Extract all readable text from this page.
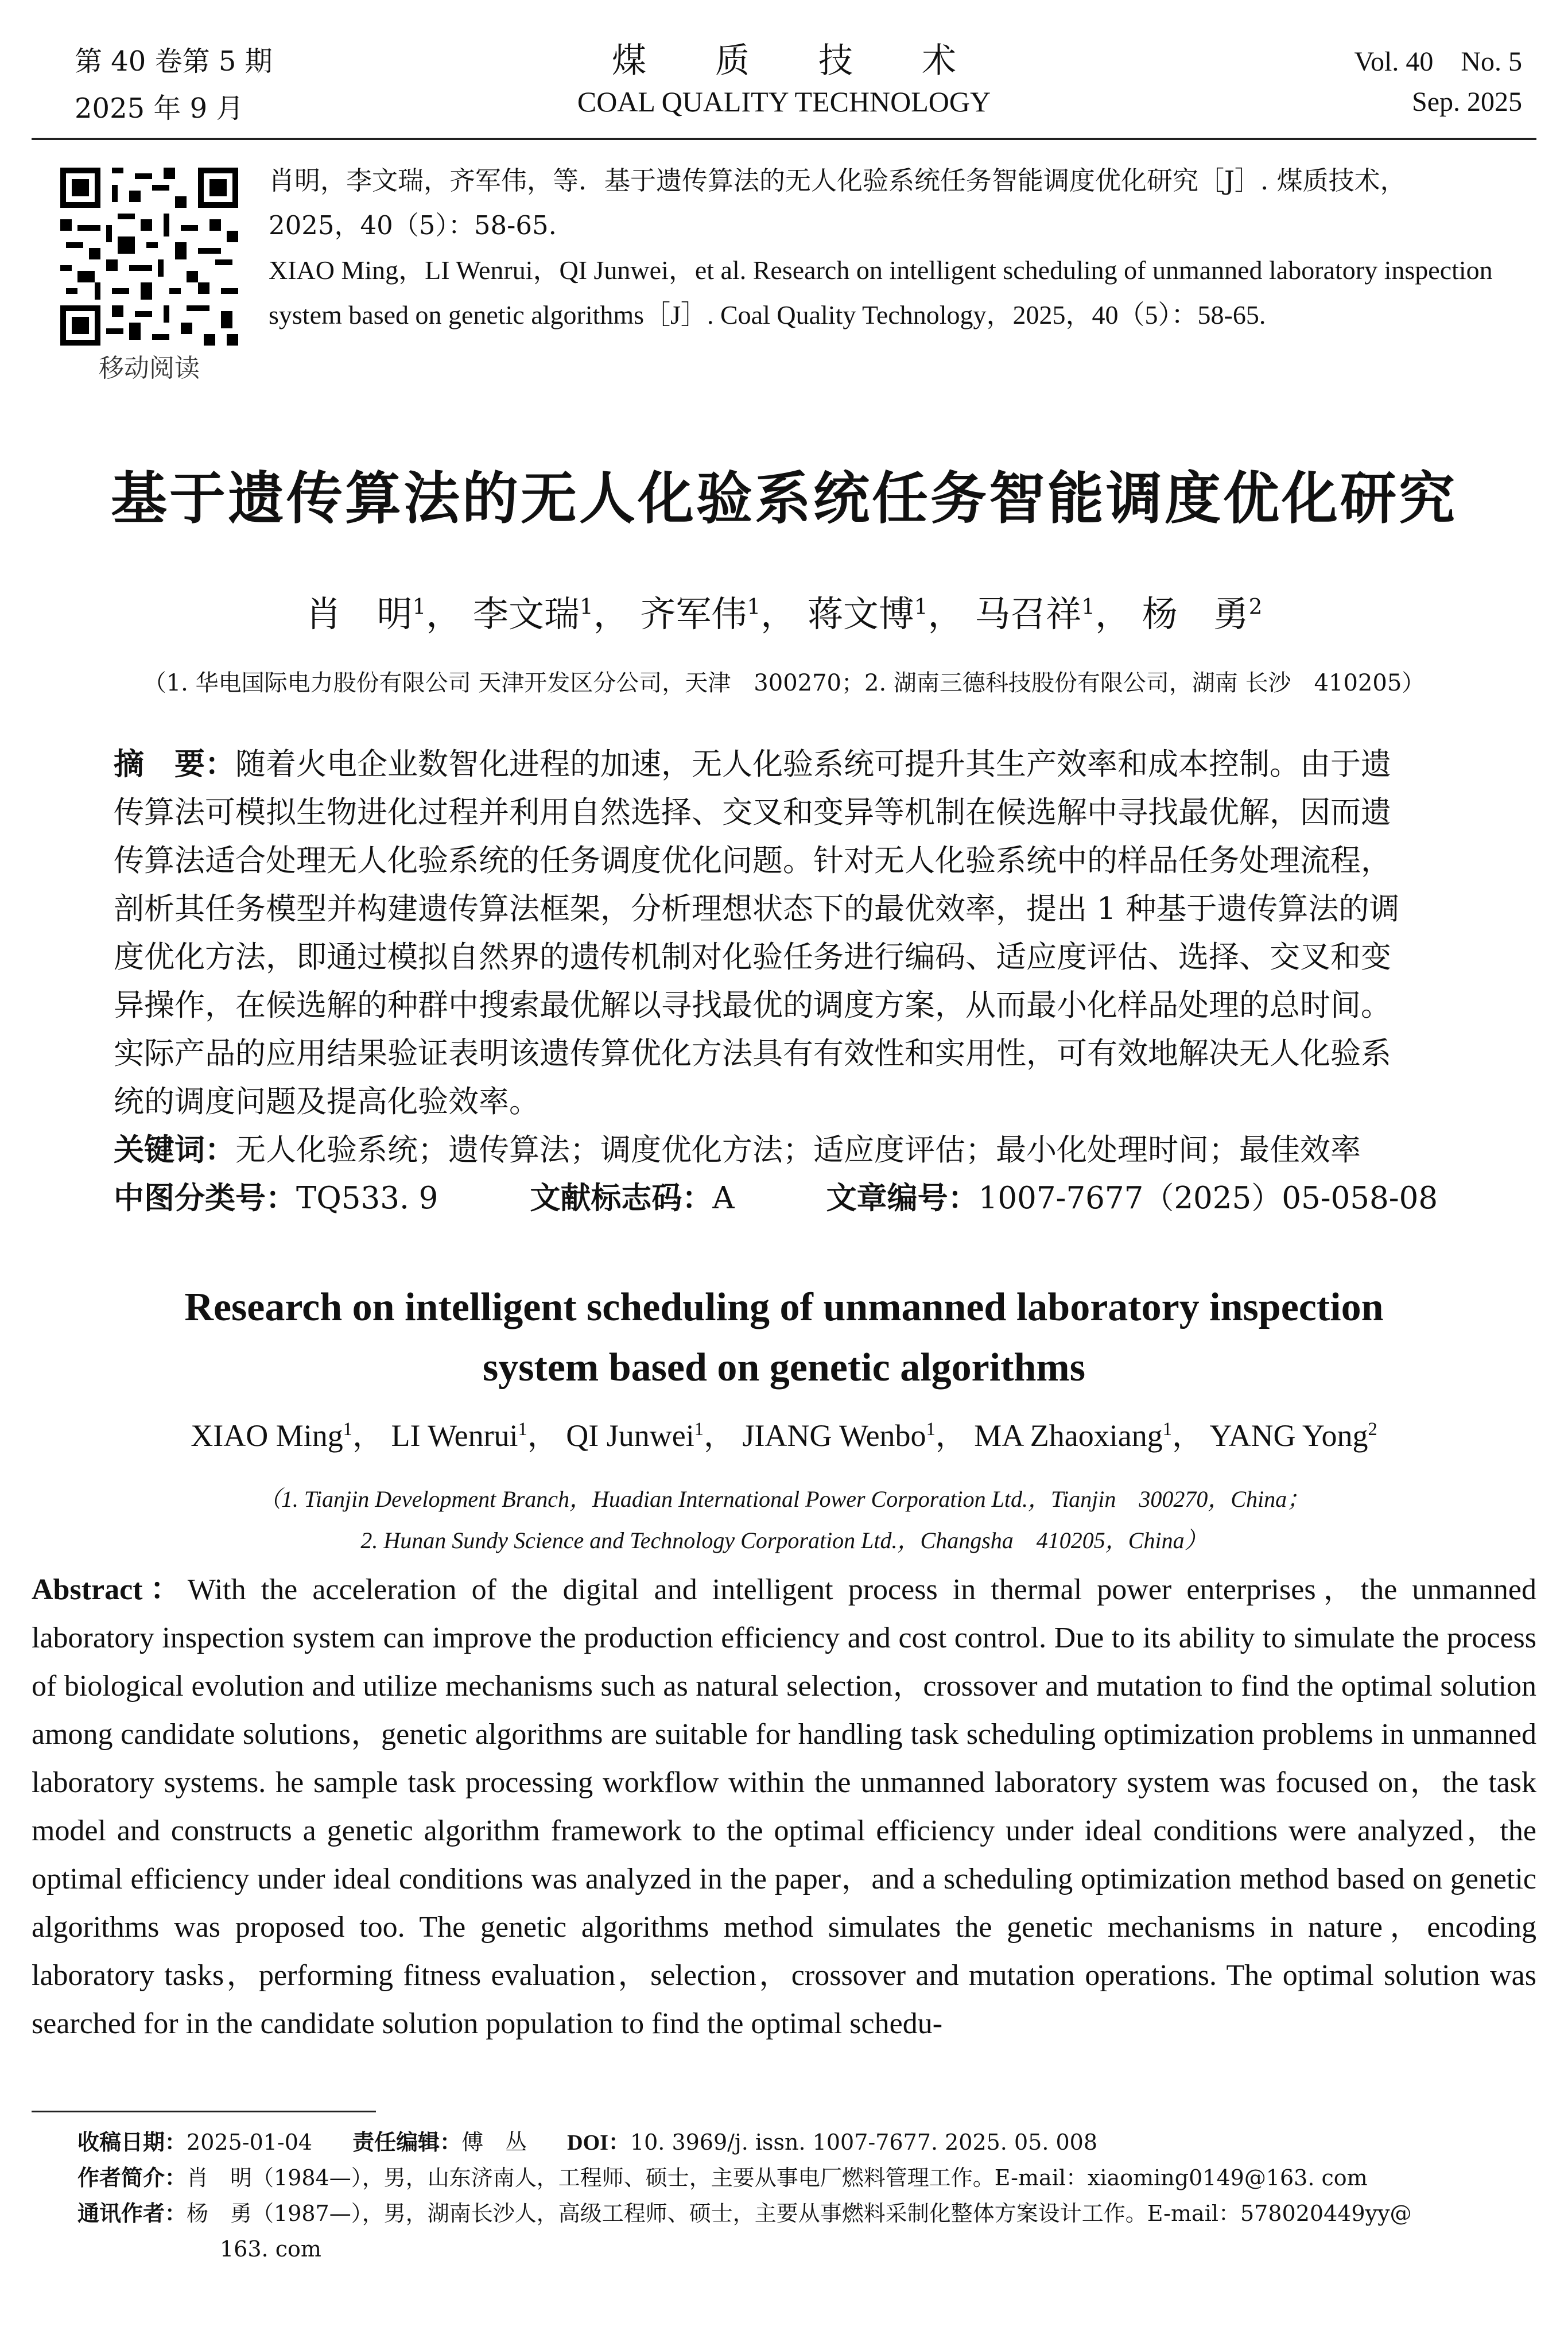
第 40 卷第 5 期
2025 年 9 月
煤　　质　　技　　术
COAL QUALITY TECHNOLOGY
Vol. 40　No. 5
Sep. 2025
移动阅读
肖明，李文瑞，齐军伟，等．基于遗传算法的无人化验系统任务智能调度优化研究［J］. 煤质技术，
2025，40（5）：58-65.
XIAO Ming，LI Wenrui，QI Junwei，et al. Research on intelligent scheduling of unmanned laboratory inspection
system based on genetic algorithms［J］. Coal Quality Technology，2025，40（5）：58-65.
基于遗传算法的无人化验系统任务智能调度优化研究
肖　明$^1$， 李文瑞$^1$， 齐军伟$^1$， 蒋文博$^1$， 马召祥$^1$， 杨　勇$^2$
（1. 华电国际电力股份有限公司 天津开发区分公司，天津　300270；2. 湖南三德科技股份有限公司，湖南 长沙　410205）
摘　要：随着火电企业数智化进程的加速，无人化验系统可提升其生产效率和成本控制。由于遗
传算法可模拟生物进化过程并利用自然选择、交叉和变异等机制在候选解中寻找最优解，因而遗
传算法适合处理无人化验系统的任务调度优化问题。针对无人化验系统中的样品任务处理流程，
剖析其任务模型并构建遗传算法框架，分析理想状态下的最优效率，提出 1 种基于遗传算法的调
度优化方法，即通过模拟自然界的遗传机制对化验任务进行编码、适应度评估、选择、交叉和变
异操作，在候选解的种群中搜索最优解以寻找最优的调度方案，从而最小化样品处理的总时间。
实际产品的应用结果验证表明该遗传算优化方法具有有效性和实用性，可有效地解决无人化验系
统的调度问题及提高化验效率。
关键词：无人化验系统；遗传算法；调度优化方法；适应度评估；最小化处理时间；最佳效率
中图分类号：TQ533. 9	文献标志码：A	文章编号：1007-7677（2025）05-058-08
Research on intelligent scheduling of unmanned laboratory inspection
system based on genetic algorithms
XIAO Ming$^1$， LI Wenrui$^1$， QI Junwei$^1$， JIANG Wenbo$^1$， MA Zhaoxiang$^1$， YANG Yong$^2$
（1. Tianjin Development Branch，Huadian International Power Corporation Ltd.，Tianjin　300270，China；
2. Hunan Sundy Science and Technology Corporation Ltd.，Changsha　410205，China）
Abstract：With the acceleration of the digital and intelligent process in thermal power enterprises，the unmanned laboratory inspection system can improve the production efficiency and cost control. Due to its ability to simulate the process of biological evolution and utilize mechanisms such as natural selection，crossover and mutation to find the optimal solution among candidate solutions，genetic algorithms are suitable for handling task scheduling optimization problems in unmanned laboratory systems. he sample task processing workflow within the unmanned laboratory system was focused on，the task model and constructs a genetic algorithm framework to the optimal efficiency under ideal conditions were analyzed，the optimal efficiency under ideal conditions was analyzed in the paper，and a scheduling optimization method based on genetic algorithms was proposed too. The genetic algorithms method simulates the genetic mechanisms in nature，encoding laboratory tasks，performing fitness evaluation，selection，crossover and mutation operations. The optimal solution was searched for in the candidate solution population to find the optimal schedu-
收稿日期：2025-01-04 责任编辑：傅　丛 DOI：10. 3969/j. issn. 1007-7677. 2025. 05. 008
作者简介：肖　明（1984—），男，山东济南人，工程师、硕士，主要从事电厂燃料管理工作。E-mail：xiaoming0149@163. com
通讯作者：杨　勇（1987—），男，湖南长沙人，高级工程师、硕士，主要从事燃料采制化整体方案设计工作。E-mail：578020449yy@
163. com
